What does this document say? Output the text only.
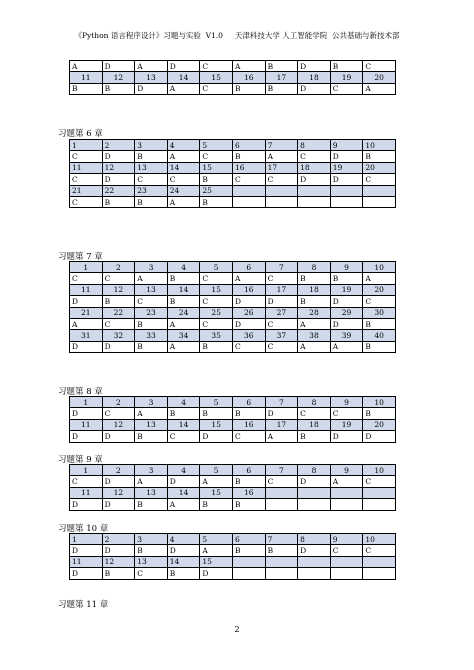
《Python 语言程序设计》习题与实验  V1.0 天津科技大学 人工智能学院  公共基础与新技术部
A	D	A	D	C	A	B	D	B	C
11	12	13	14	15	16	17	18	19	20
B	B	D	A	C	B	B	D	C	A
习题第 6 章
1	2	3	4	5	6	7	8	9	10
C	D	B	A	C	B	A	C	D	B
11	12	13	14	15	16	17	18	19	20
C	D	C	C	B	C	C	D	D	C
21	22	23	24	25					
C	B	B	A	B					
习题第 7 章
1	2	3	4	5	6	7	8	9	10
C	C	A	B	C	A	C	B	B	A
11	12	13	14	15	16	17	18	19	20
D	B	C	B	C	D	D	B	D	C
21	22	23	24	25	26	27	28	29	30
A	C	B	A	C	D	C	A	D	B
31	32	33	34	35	36	37	38	39	40
D	D	B	A	B	C	C	A	A	B
习题第 8 章
1	2	3	4	5	6	7	8	9	10
D	C	A	B	B	B	D	C	C	B
11	12	13	14	15	16	17	18	19	20
D	D	B	C	D	C	A	B	D	D
习题第 9 章
1	2	3	4	5	6	7	8	9	10
C	D	A	D	A	B	C	D	A	C
11	12	13	14	15	16				
D	D	B	A	B	B				
习题第 10 章
1	2	3	4	5	6	7	8	9	10
D	D	B	D	A	B	B	D	C	C
11	12	13	14	15					
D	B	C	B	D					
习题第 11 章
2
